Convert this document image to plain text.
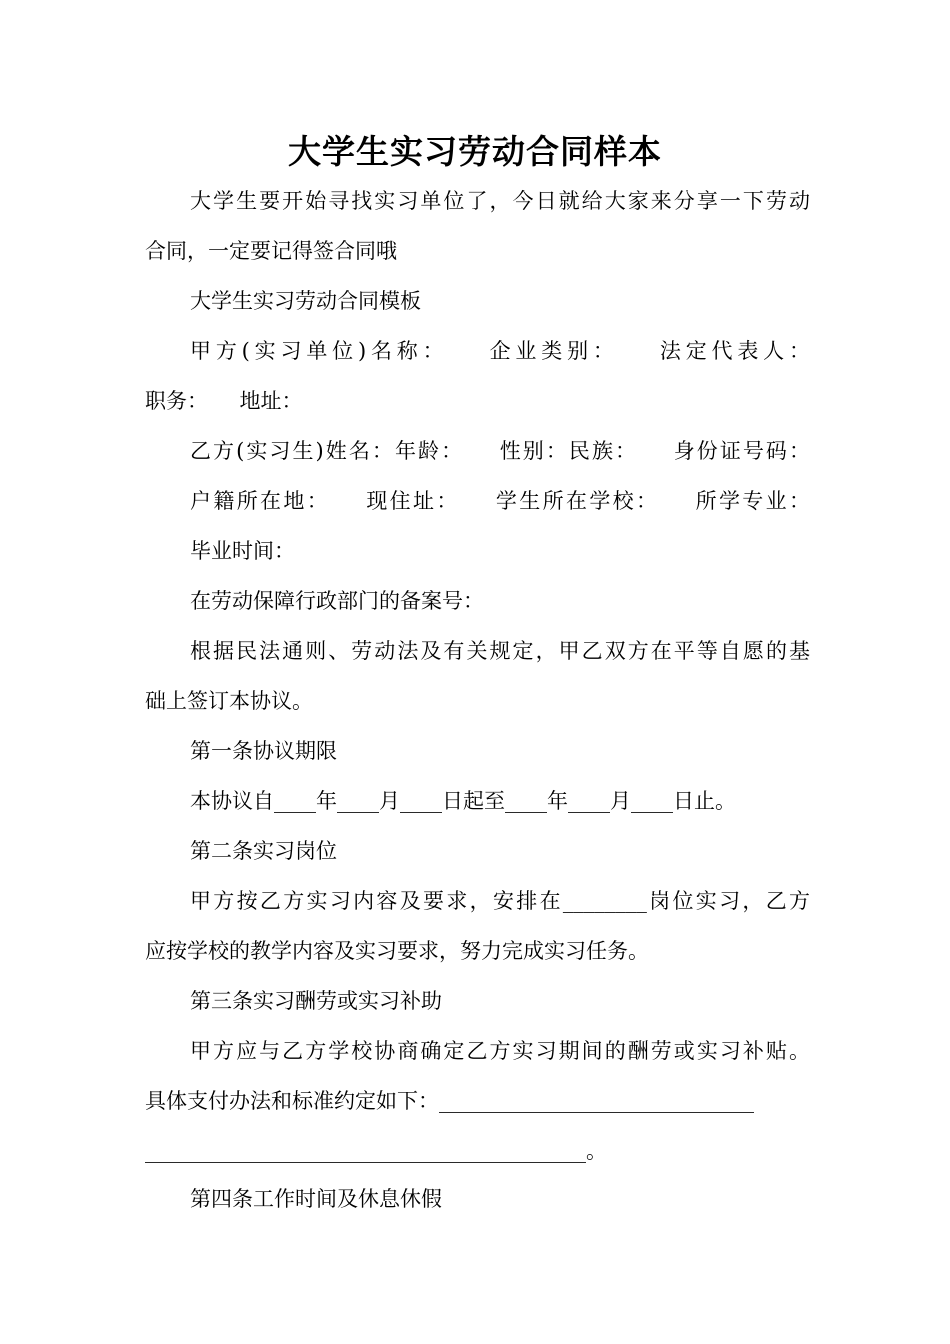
大学生实习劳动合同样本
大学生要开始寻找实习单位了，今日就给大家来分享一下劳动
合同，一定要记得签合同哦
大学生实习劳动合同模板
甲方(实习单位)名称：　　企业类别：　　法定代表人：
职务：　　地址：
乙方(实习生)姓名：年龄：　　性别：民族：　　身份证号码：
户籍所在地：　　现住址：　　学生所在学校：　　所学专业：
毕业时间：
在劳动保障行政部门的备案号：
根据民法通则、劳动法及有关规定，甲乙双方在平等自愿的基
础上签订本协议。
第一条协议期限
本协议自____年____月____日起至____年____月____日止。
第二条实习岗位
甲方按乙方实习内容及要求，安排在________岗位实习，乙方
应按学校的教学内容及实习要求，努力完成实习任务。
第三条实习酬劳或实习补助
甲方应与乙方学校协商确定乙方实习期间的酬劳或实习补贴。
具体支付办法和标准约定如下：______________________________
__________________________________________。
第四条工作时间及休息休假
